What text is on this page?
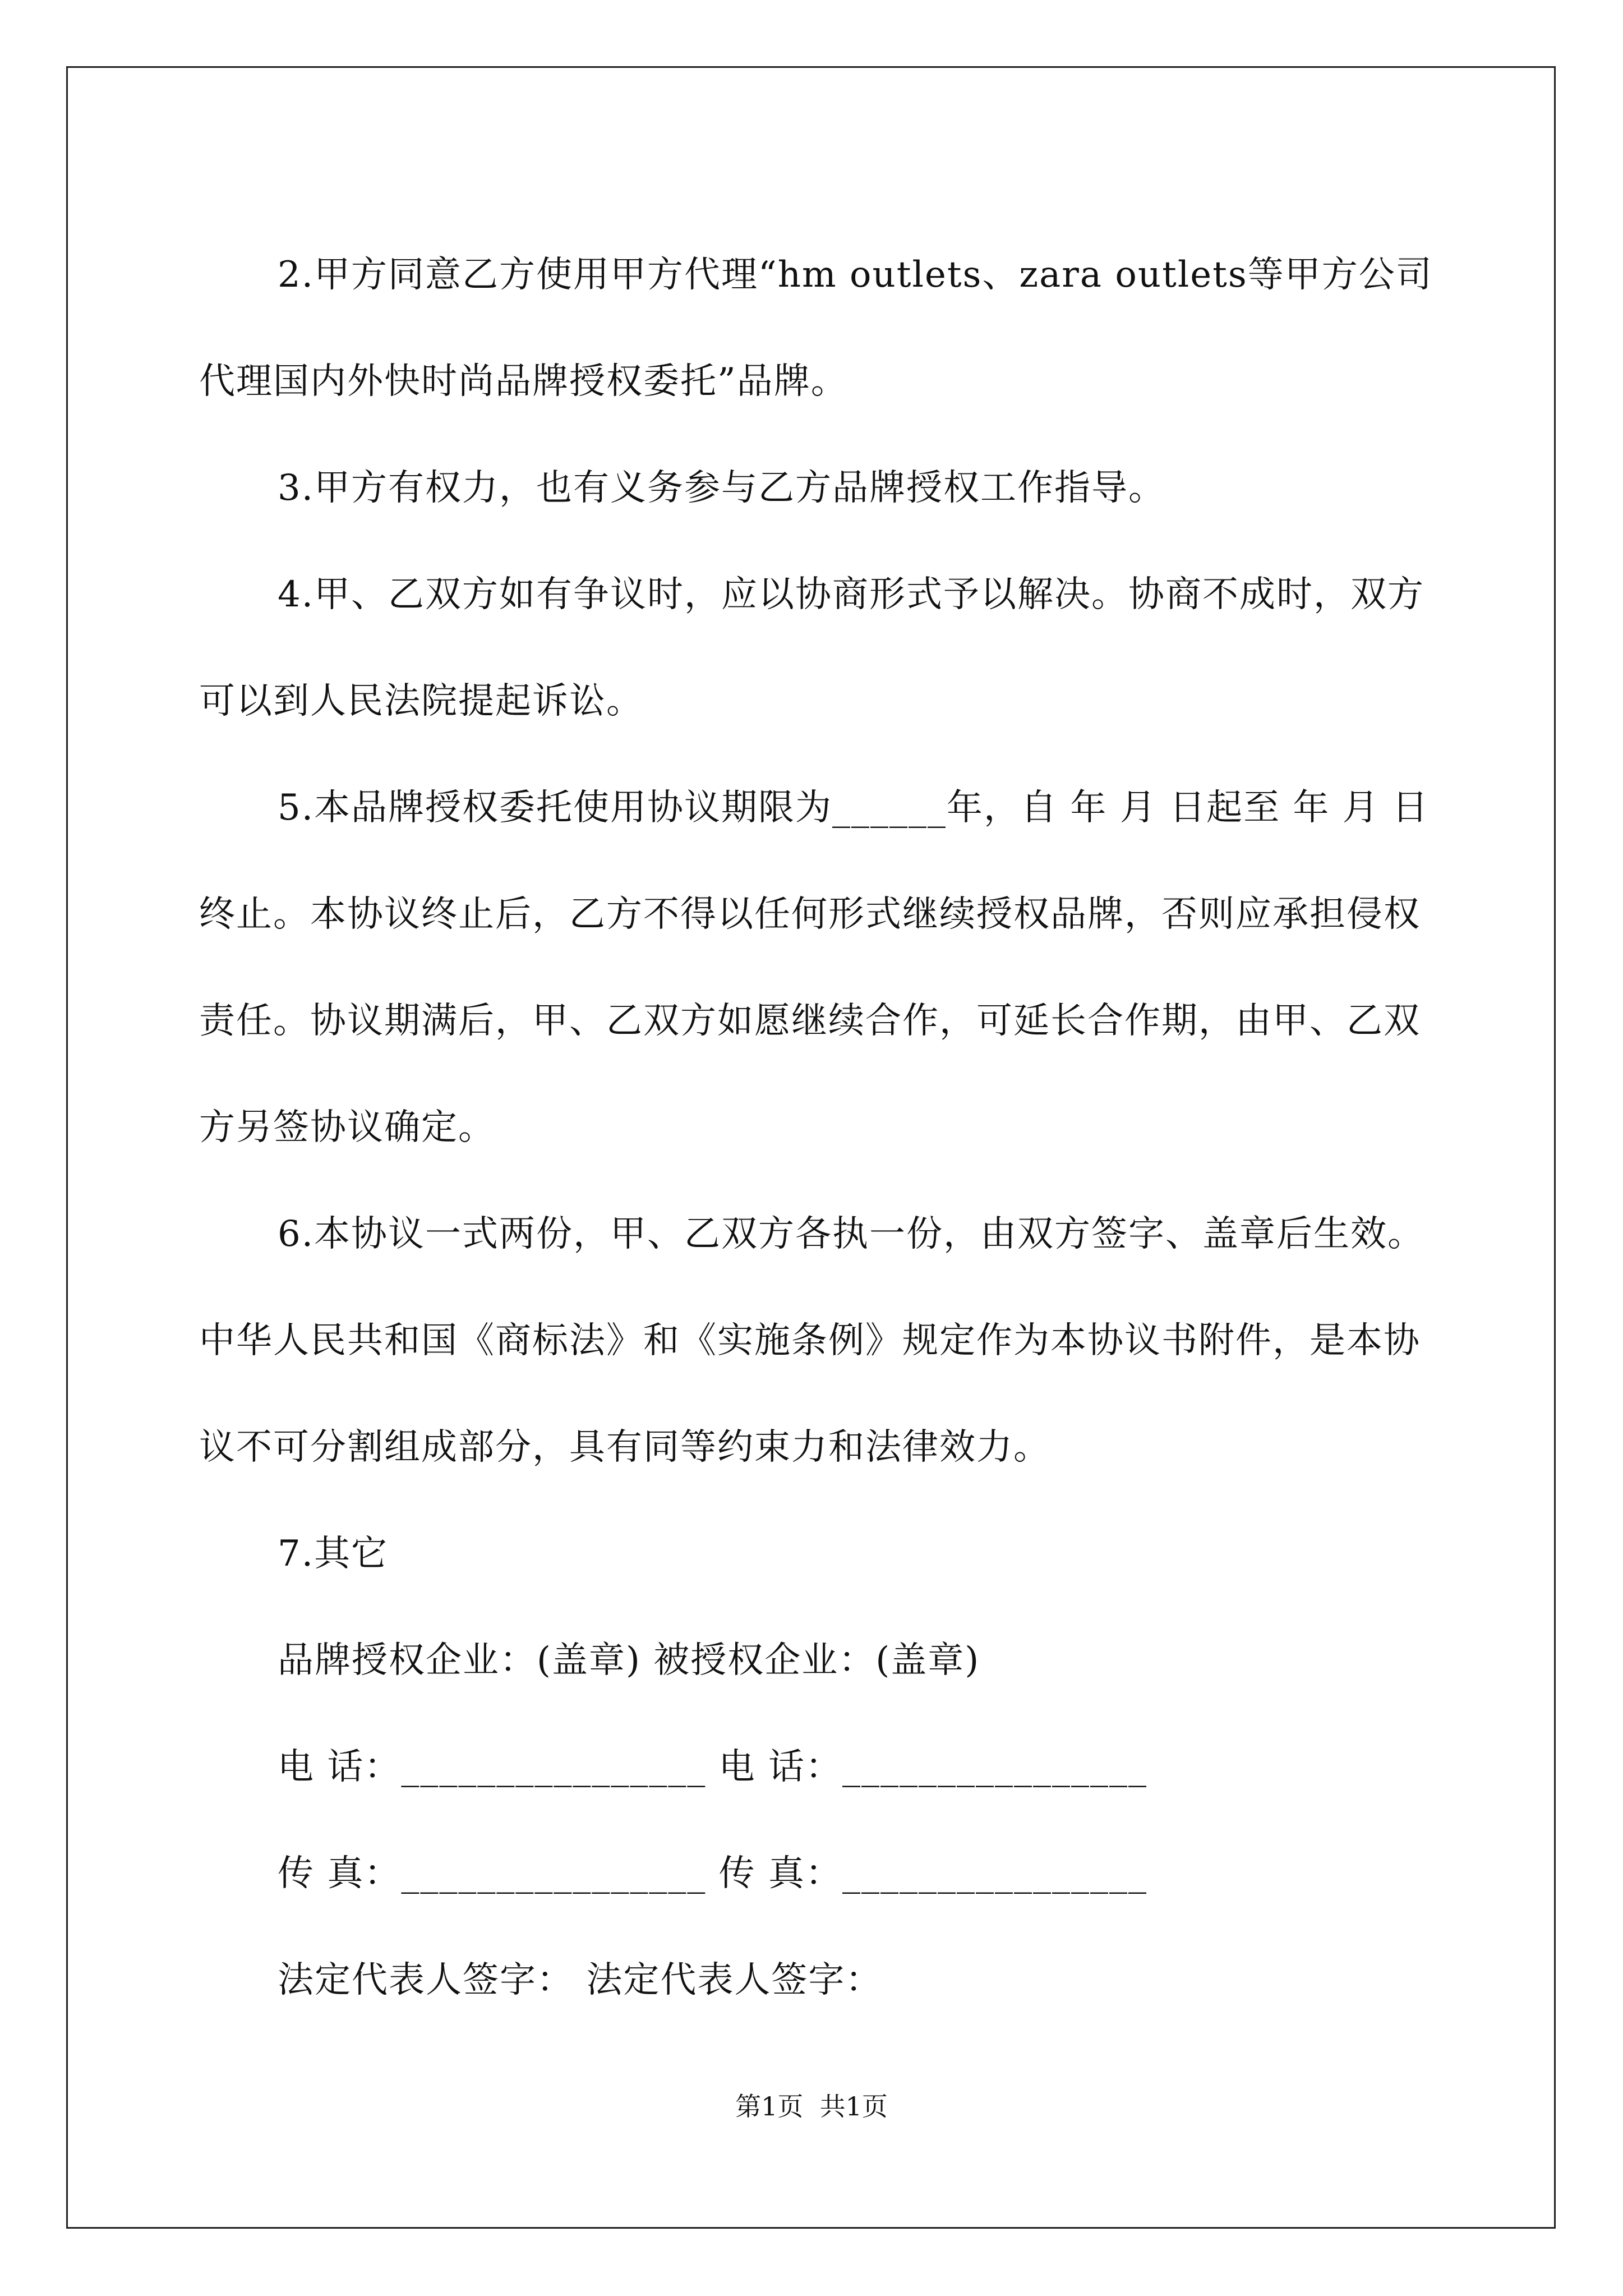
2.甲方同意乙方使用甲方代理“hm outlets、zara outlets等甲方公司代理国内外快时尚品牌授权委托”品牌。

3.甲方有权力，也有义务参与乙方品牌授权工作指导。

4.甲、乙双方如有争议时，应以协商形式予以解决。协商不成时，双方可以到人民法院提起诉讼。

5.本品牌授权委托使用协议期限为______年，自 年 月 日起至 年 月 日终止。本协议终止后，乙方不得以任何形式继续授权品牌，否则应承担侵权责任。协议期满后，甲、乙双方如愿继续合作，可延长合作期，由甲、乙双方另签协议确定。

6.本协议一式两份，甲、乙双方各执一份，由双方签字、盖章后生效。中华人民共和国《商标法》和《实施条例》规定作为本协议书附件，是本协议不可分割组成部分，具有同等约束力和法律效力。

7.其它

品牌授权企业：(盖章) 被授权企业：(盖章)

电 话：________________ 电 话：________________

传 真：________________ 传 真：________________

法定代表人签字： 法定代表人签字：

第1页  共1页
